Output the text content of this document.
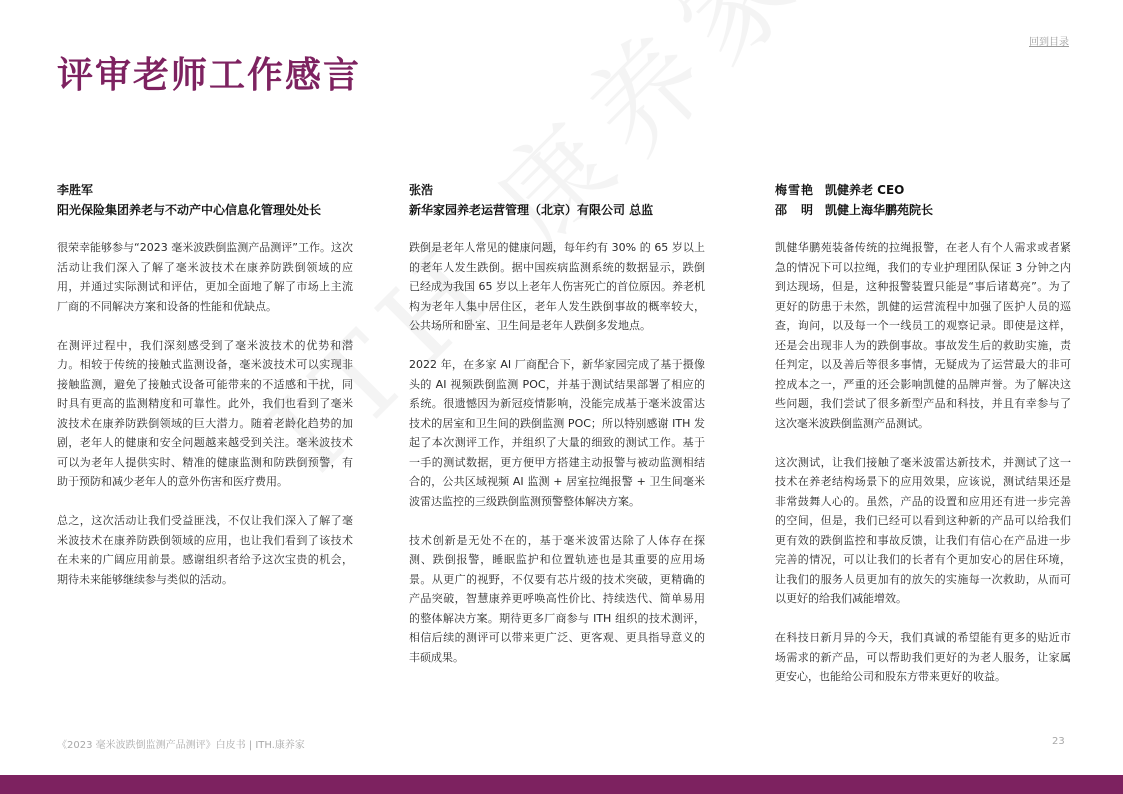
回到目录
评审老师工作感言
李胜军
阳光保险集团养老与不动产中心信息化管理处处长

很荣幸能够参与“2023 毫米波跌倒监测产品测评”工作。这次活动让我们深入了解了毫米波技术在康养防跌倒领域的应用，并通过实际测试和评估，更加全面地了解了市场上主流厂商的不同解决方案和设备的性能和优缺点。

在测评过程中，我们深刻感受到了毫米波技术的优势和潜力。相较于传统的接触式监测设备，毫米波技术可以实现非接触监测，避免了接触式设备可能带来的不适感和干扰，同时具有更高的监测精度和可靠性。此外，我们也看到了毫米波技术在康养防跌倒领域的巨大潜力。随着老龄化趋势的加剧，老年人的健康和安全问题越来越受到关注。毫米波技术可以为老年人提供实时、精准的健康监测和防跌倒预警，有助于预防和减少老年人的意外伤害和医疗费用。

总之，这次活动让我们受益匪浅，不仅让我们深入了解了毫米波技术在康养防跌倒领域的应用，也让我们看到了该技术在未来的广阔应用前景。感谢组织者给予这次宝贵的机会，期待未来能够继续参与类似的活动。

张浩
新华家园养老运营管理（北京）有限公司 总监

跌倒是老年人常见的健康问题，每年约有 30% 的 65 岁以上的老年人发生跌倒。据中国疾病监测系统的数据显示，跌倒已经成为我国 65 岁以上老年人伤害死亡的首位原因。养老机构为老年人集中居住区，老年人发生跌倒事故的概率较大，公共场所和卧室、卫生间是老年人跌倒多发地点。

2022 年，在多家 AI 厂商配合下，新华家园完成了基于摄像头的 AI 视频跌倒监测 POC，并基于测试结果部署了相应的系统。很遗憾因为新冠疫情影响，没能完成基于毫米波雷达技术的居室和卫生间的跌倒监测 POC；所以特别感谢 ITH 发起了本次测评工作，并组织了大量的细致的测试工作。基于一手的测试数据，更方便甲方搭建主动报警与被动监测相结合的，公共区域视频 AI 监测 + 居室拉绳报警 + 卫生间毫米波雷达监控的三级跌倒监测预警整体解决方案。

技术创新是无处不在的，基于毫米波雷达除了人体存在探测、跌倒报警，睡眠监护和位置轨迹也是其重要的应用场景。从更广的视野，不仅要有芯片级的技术突破，更精确的产品突破，智慧康养更呼唤高性价比、持续迭代、简单易用的整体解决方案。期待更多厂商参与 ITH 组织的技术测评，相信后续的测评可以带来更广泛、更客观、更具指导意义的丰硕成果。

梅雪艳 凯健养老 CEO
邵　明 凯健上海华鹏苑院长

凯健华鹏苑装备传统的拉绳报警，在老人有个人需求或者紧急的情况下可以拉绳，我们的专业护理团队保证 3 分钟之内到达现场，但是，这种报警装置只能是“事后诸葛亮”。为了更好的防患于未然，凯健的运营流程中加强了医护人员的巡查，询问，以及每一个一线员工的观察记录。即使是这样，还是会出现非人为的跌倒事故。事故发生后的救助实施，责任判定，以及善后等很多事情，无疑成为了运营最大的非可控成本之一，严重的还会影响凯健的品牌声誉。为了解决这些问题，我们尝试了很多新型产品和科技，并且有幸参与了这次毫米波跌倒监测产品测试。

这次测试，让我们接触了毫米波雷达新技术，并测试了这一技术在养老结构场景下的应用效果，应该说，测试结果还是非常鼓舞人心的。虽然，产品的设置和应用还有进一步完善的空间，但是，我们已经可以看到这种新的产品可以给我们更有效的跌倒监控和事故反馈，让我们有信心在产品进一步完善的情况，可以让我们的长者有个更加安心的居住环境，让我们的服务人员更加有的放矢的实施每一次救助，从而可以更好的给我们减能增效。

在科技日新月异的今天，我们真诚的希望能有更多的贴近市场需求的新产品，可以帮助我们更好的为老人服务，让家属更安心，也能给公司和股东方带来更好的收益。

《2023 毫米波跌倒监测产品测评》白皮书 | ITH.康养家	23
